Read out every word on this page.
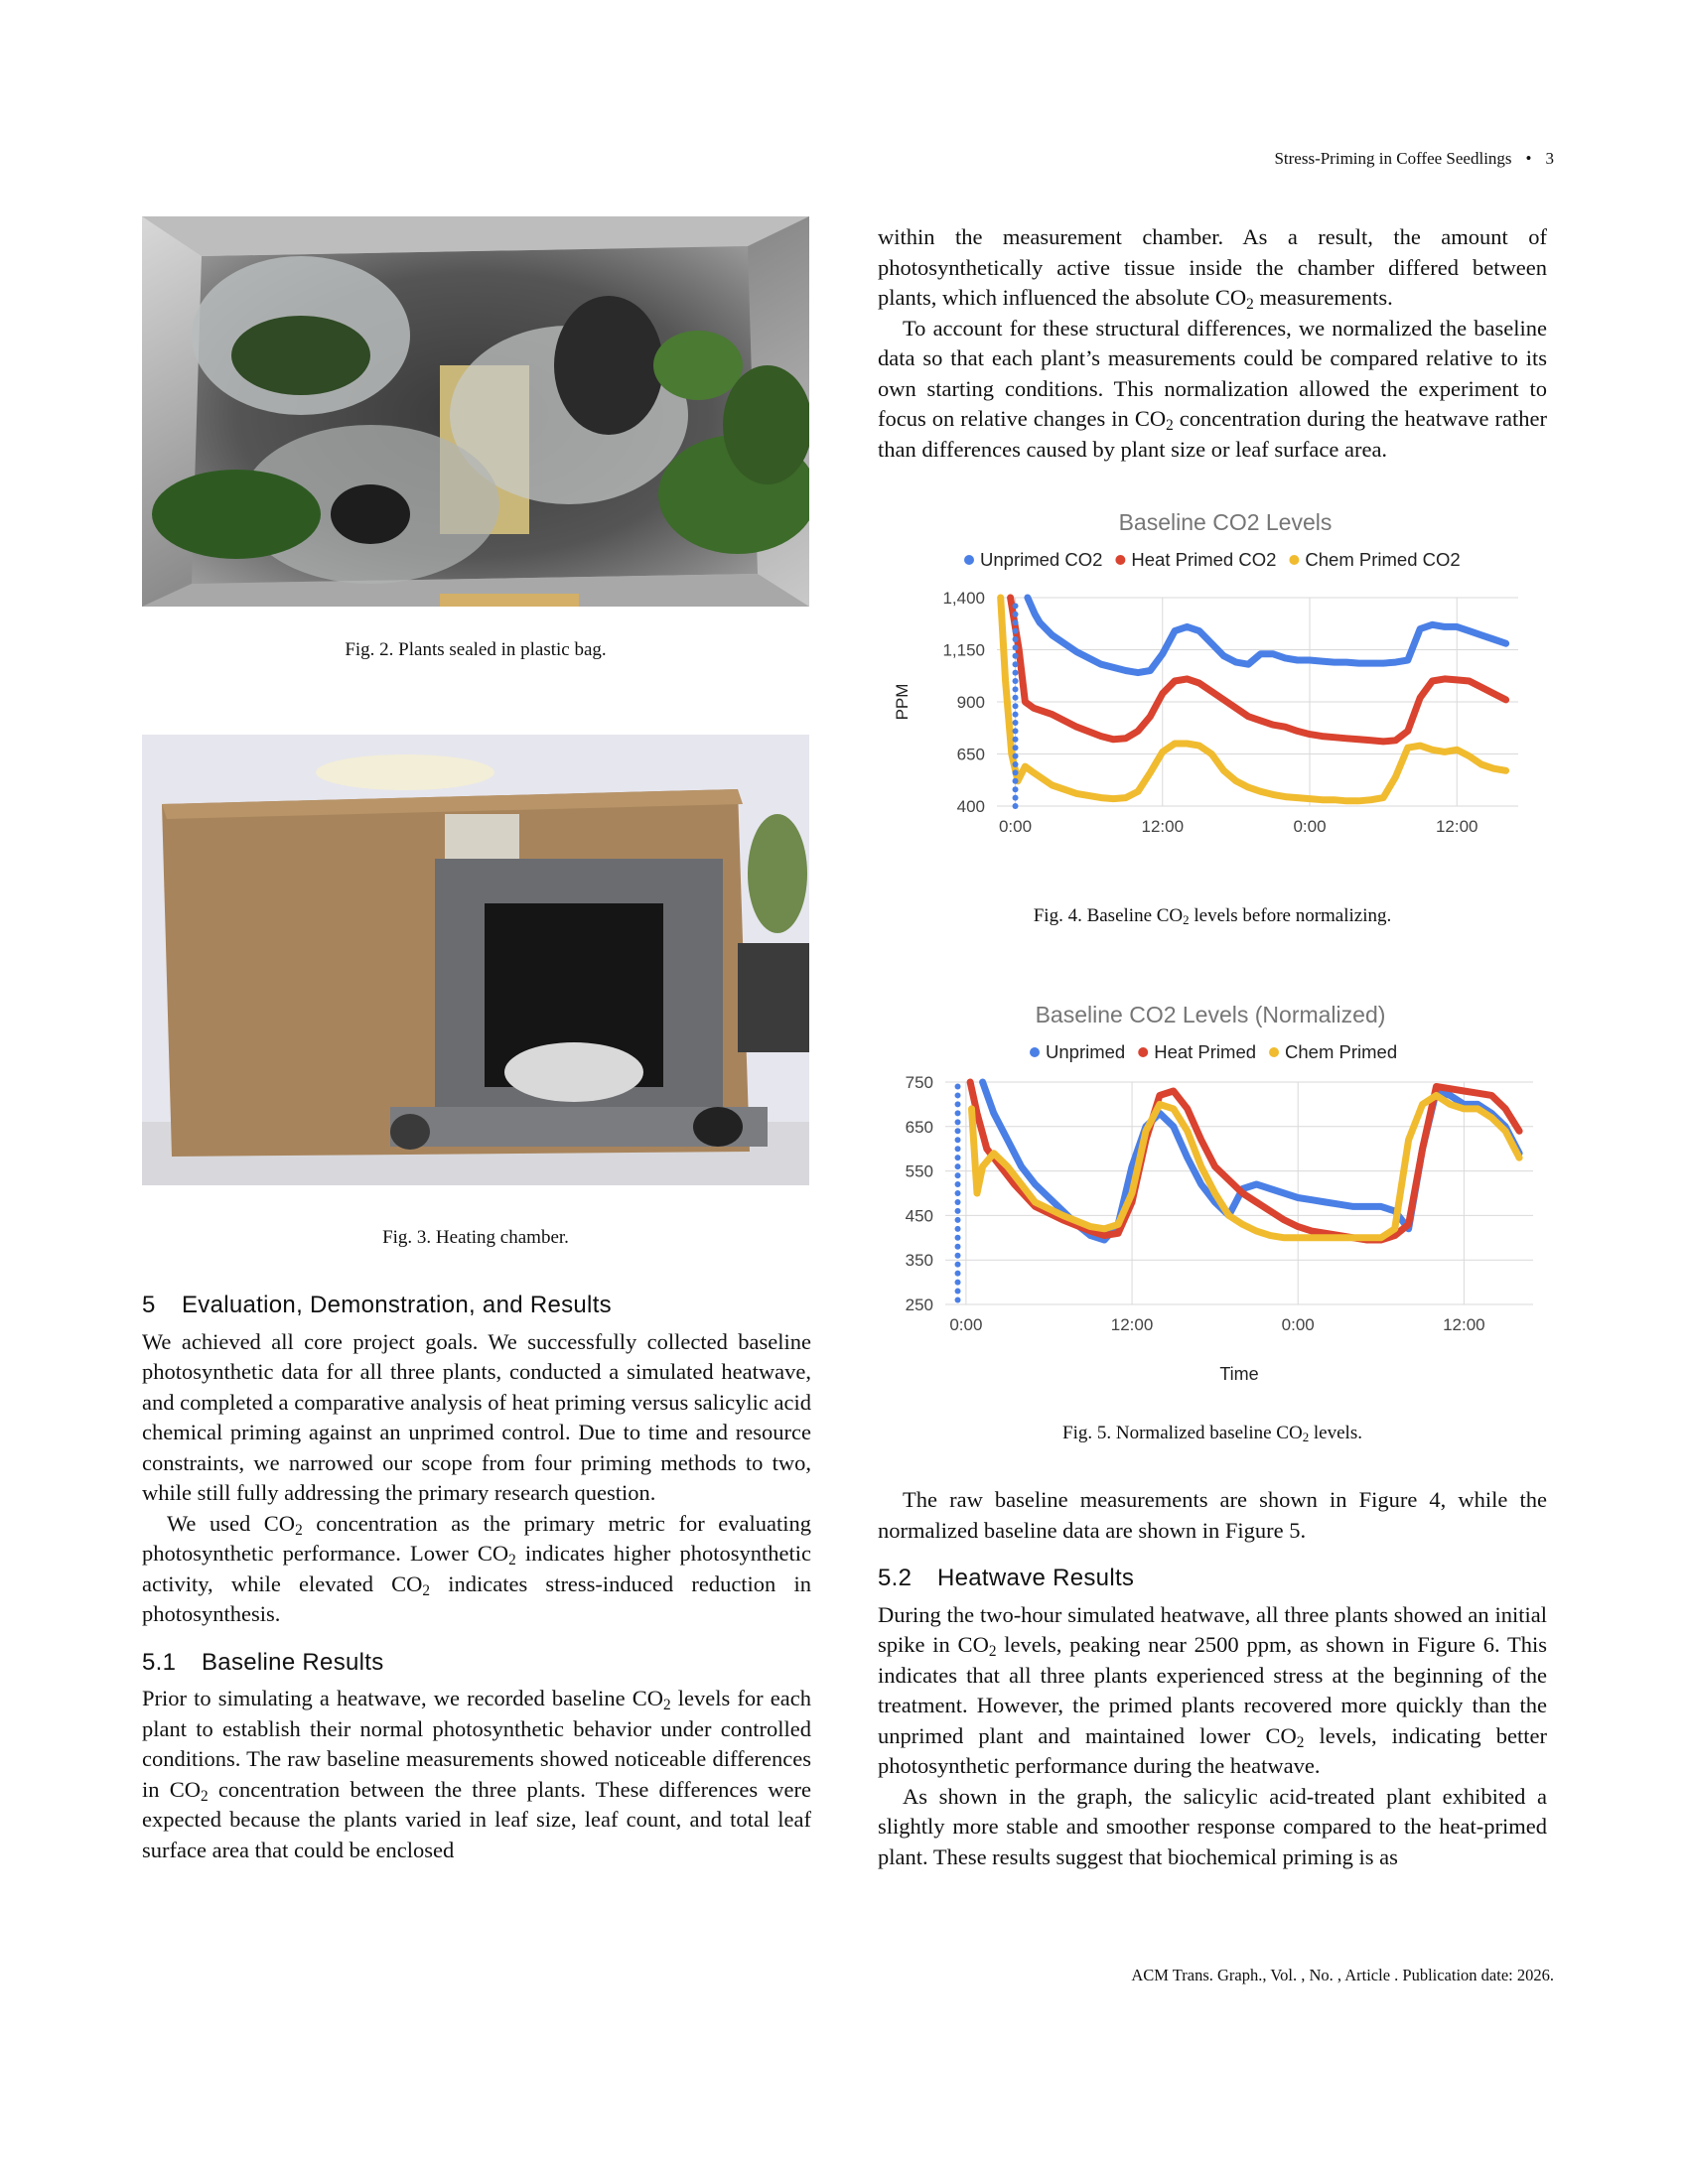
Stress-Priming in Coffee Seedlings • 3
Fig. 2. Plants sealed in plastic bag.
Fig. 3. Heating chamber.
5 Evaluation, Demonstration, and Results

We achieved all core project goals. We successfully collected baseline photosynthetic data for all three plants, conducted a simulated heatwave, and completed a comparative analysis of heat priming versus salicylic acid chemical priming against an unprimed control. Due to time and resource constraints, we narrowed our scope from four priming methods to two, while still fully addressing the primary research question.

We used $CO_2$ concentration as the primary metric for evaluating photosynthetic performance. Lower $CO_2$ indicates higher photosynthetic activity, while elevated $CO_2$ indicates stress-induced reduction in photosynthesis.

5.1 Baseline Results

Prior to simulating a heatwave, we recorded baseline $CO_2$ levels for each plant to establish their normal photosynthetic behavior under controlled conditions. The raw baseline measurements showed noticeable differences in $CO_2$ concentration between the three plants. These differences were expected because the plants varied in leaf size, leaf count, and total leaf surface area that could be enclosed

within the measurement chamber. As a result, the amount of photosynthetically active tissue inside the chamber differed between plants, which influenced the absolute $CO_2$ measurements.

To account for these structural differences, we normalized the baseline data so that each plant’s measurements could be compared relative to its own starting conditions. This normalization allowed the experiment to focus on relative changes in $CO_2$ concentration during the heatwave rather than differences caused by plant size or leaf surface area.

Baseline CO2 Levels
Unprimed CO2 Heat Primed CO2 Chem Primed CO2
400
650
900
1,150
1,400
0:00	12:00	0:00	12:00
PPM
Fig. 4. Baseline $CO_2$ levels before normalizing.
Baseline CO2 Levels (Normalized)
Unprimed Heat Primed Chem Primed
250
350
450
550
650
750
0:00	12:00	0:00	12:00
Time
Fig. 5. Normalized baseline $CO_2$ levels.

The raw baseline measurements are shown in Figure 4, while the normalized baseline data are shown in Figure 5.

5.2 Heatwave Results

During the two-hour simulated heatwave, all three plants showed an initial spike in $CO_2$ levels, peaking near 2500 ppm, as shown in Figure 6. This indicates that all three plants experienced stress at the beginning of the treatment. However, the primed plants recovered more quickly than the unprimed plant and maintained lower $CO_2$ levels, indicating better photosynthetic performance during the heatwave.

As shown in the graph, the salicylic acid-treated plant exhibited a slightly more stable and smoother response compared to the heat-primed plant. These results suggest that biochemical priming is as

ACM Trans. Graph., Vol. , No. , Article . Publication date: 2026.
